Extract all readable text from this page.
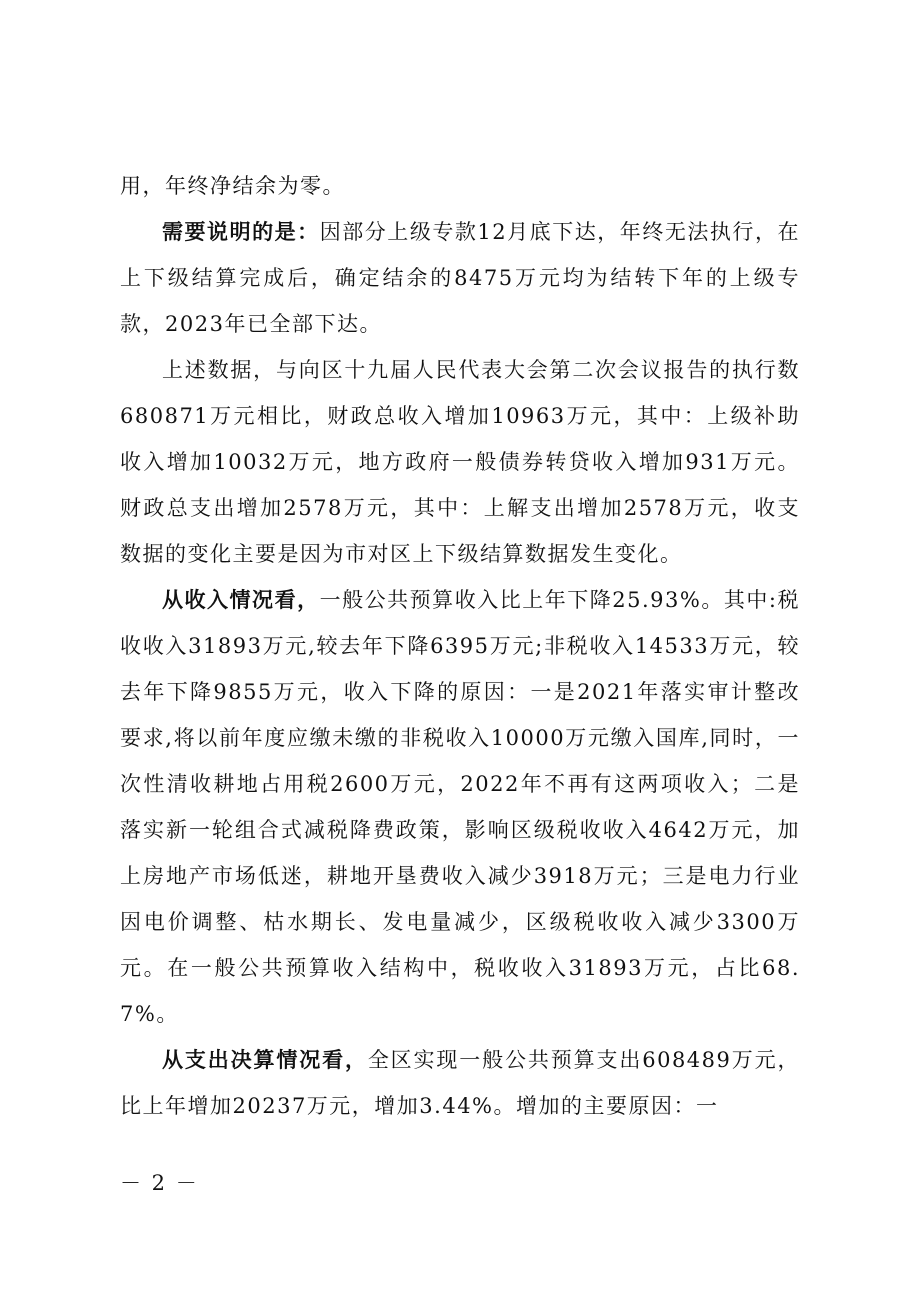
用，年终净结余为零。

需要说明的是：因部分上级专款12月底下达，年终无法执行，在上下级结算完成后，确定结余的8475万元均为结转下年的上级专款，2023年已全部下达。

上述数据，与向区十九届人民代表大会第二次会议报告的执行数680871万元相比，财政总收入增加10963万元，其中：上级补助收入增加10032万元，地方政府一般债券转贷收入增加931万元。财政总支出增加2578万元，其中：上解支出增加2578万元，收支数据的变化主要是因为市对区上下级结算数据发生变化。

从收入情况看，一般公共预算收入比上年下降25.93%。其中:税收收入31893万元,较去年下降6395万元;非税收入14533万元，较去年下降9855万元，收入下降的原因：一是2021年落实审计整改要求,将以前年度应缴未缴的非税收入10000万元缴入国库,同时，一次性清收耕地占用税2600万元，2022年不再有这两项收入；二是落实新一轮组合式减税降费政策，影响区级税收收入4642万元，加上房地产市场低迷，耕地开垦费收入减少3918万元；三是电力行业因电价调整、枯水期长、发电量减少，区级税收收入减少3300万元。在一般公共预算收入结构中，税收收入31893万元，占比68.7%。

从支出决算情况看，全区实现一般公共预算支出608489万元，比上年增加20237万元，增加3.44%。增加的主要原因：一

－ 2 －
